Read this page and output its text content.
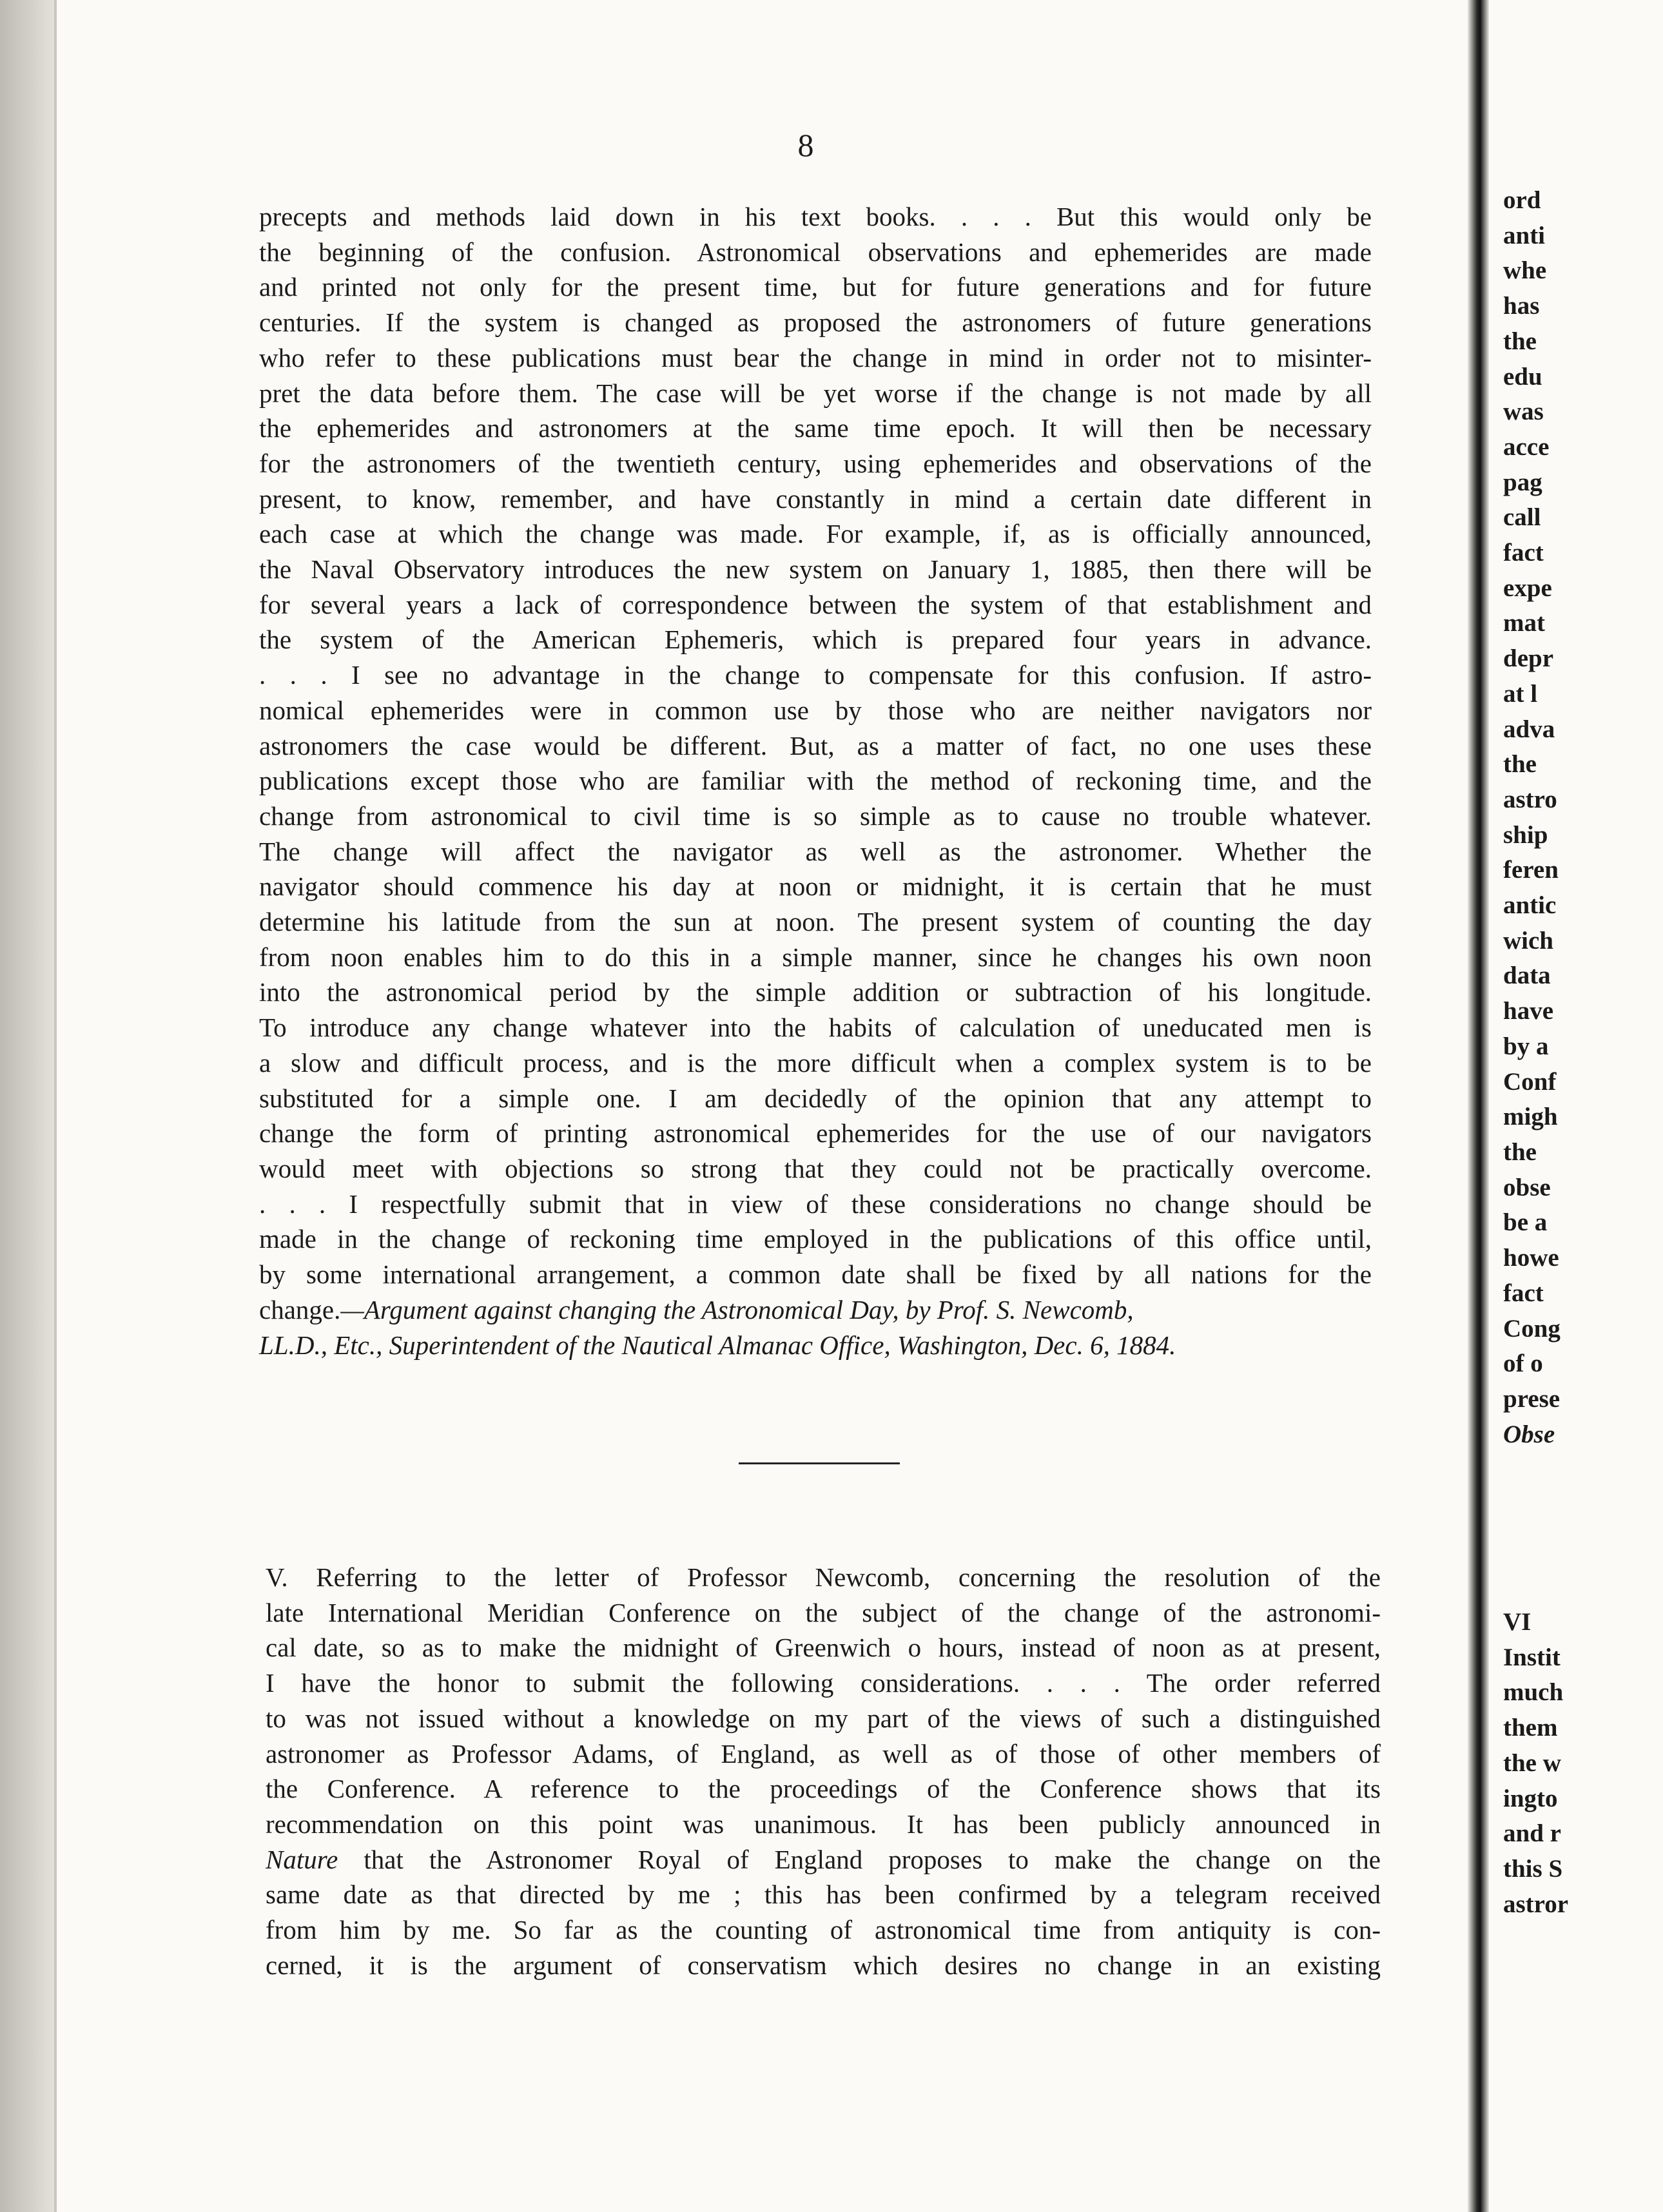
8
precepts and methods laid down in his text books. . . . But this would only be
the beginning of the confusion. Astronomical observations and ephemerides are made
and printed not only for the present time, but for future generations and for future
centuries. If the system is changed as proposed the astronomers of future generations
who refer to these publications must bear the change in mind in order not to misinter-
pret the data before them. The case will be yet worse if the change is not made by all
the ephemerides and astronomers at the same time epoch. It will then be necessary
for the astronomers of the twentieth century, using ephemerides and observations of the
present, to know, remember, and have constantly in mind a certain date different in
each case at which the change was made. For example, if, as is officially announced,
the Naval Observatory introduces the new system on January 1, 1885, then there will be
for several years a lack of correspondence between the system of that establishment and
the system of the American Ephemeris, which is prepared four years in advance.
. . . I see no advantage in the change to compensate for this confusion. If astro-
nomical ephemerides were in common use by those who are neither navigators nor
astronomers the case would be different. But, as a matter of fact, no one uses these
publications except those who are familiar with the method of reckoning time, and the
change from astronomical to civil time is so simple as to cause no trouble whatever.
The change will affect the navigator as well as the astronomer. Whether the
navigator should commence his day at noon or midnight, it is certain that he must
determine his latitude from the sun at noon. The present system of counting the day
from noon enables him to do this in a simple manner, since he changes his own noon
into the astronomical period by the simple addition or subtraction of his longitude.
To introduce any change whatever into the habits of calculation of uneducated men is
a slow and difficult process, and is the more difficult when a complex system is to be
substituted for a simple one. I am decidedly of the opinion that any attempt to
change the form of printing astronomical ephemerides for the use of our navigators
would meet with objections so strong that they could not be practically overcome.
. . . I respectfully submit that in view of these considerations no change should be
made in the change of reckoning time employed in the publications of this office until,
by some international arrangement, a common date shall be fixed by all nations for the
change.—Argument against changing the Astronomical Day, by Prof. S. Newcomb,
LL.D., Etc., Superintendent of the Nautical Almanac Office, Washington, Dec. 6, 1884.
V. Referring to the letter of Professor Newcomb, concerning the resolution of the
late International Meridian Conference on the subject of the change of the astronomi-
cal date, so as to make the midnight of Greenwich o hours, instead of noon as at present,
I have the honor to submit the following considerations. . . . The order referred
to was not issued without a knowledge on my part of the views of such a distinguished
astronomer as Professor Adams, of England, as well as of those of other members of
the Conference. A reference to the proceedings of the Conference shows that its
recommendation on this point was unanimous. It has been publicly announced in
Nature that the Astronomer Royal of England proposes to make the change on the
same date as that directed by me ; this has been confirmed by a telegram received
from him by me. So far as the counting of astronomical time from antiquity is con-
cerned, it is the argument of conservatism which desires no change in an existing
ord
anti
whe
has
the
edu
was
acce
pag
call
fact
expe
mat
depr
at l
adva
the
astro
ship
feren
antic
wich
data
have
by a
Conf
migh
the
obse
be a
howe
fact
Cong
of o
prese
Obse
VI
Instit
much
them
the w
ingto
and r
this S
astror
